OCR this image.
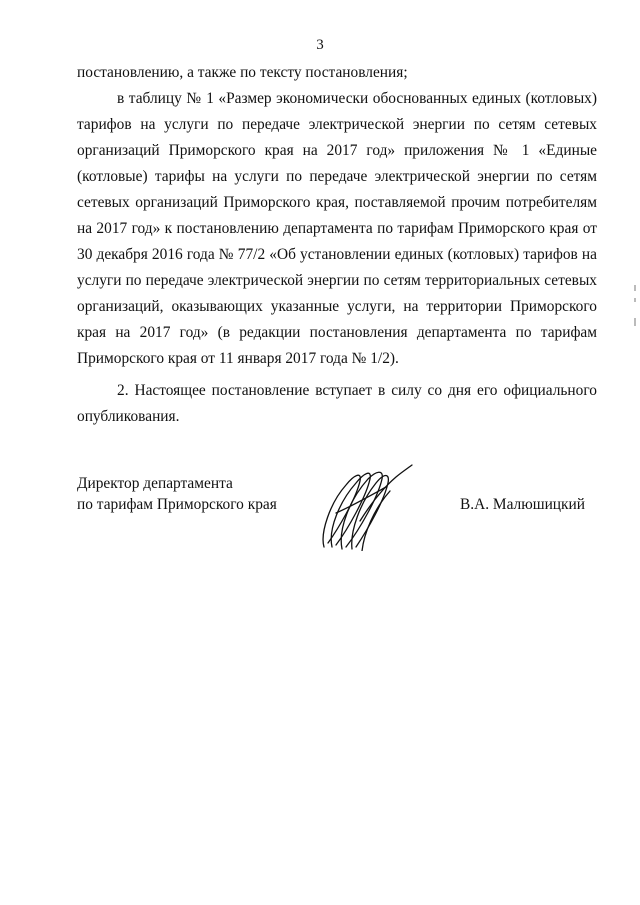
3

постановлению, а также по тексту постановления;

в таблицу № 1 «Размер экономически обоснованных единых (котловых) тарифов на услуги по передаче электрической энергии по сетям сетевых организаций Приморского края на 2017 год» приложения № 1 «Единые (котловые) тарифы на услуги по передаче электрической энергии по сетям сетевых организаций Приморского края, поставляемой прочим потребителям на 2017 год» к постановлению департамента по тарифам Приморского края от 30 декабря 2016 года № 77/2 «Об установлении единых (котловых) тарифов на услуги по передаче электрической энергии по сетям территориальных сетевых организаций, оказывающих указанные услуги, на территории Приморского края на 2017 год» (в редакции постановления департамента по тарифам Приморского края от 11 января 2017 года № 1/2).

2. Настоящее постановление вступает в силу со дня его официального опубликования.

Директор департамента
по тарифам Приморского края	В.А. Малюшицкий
